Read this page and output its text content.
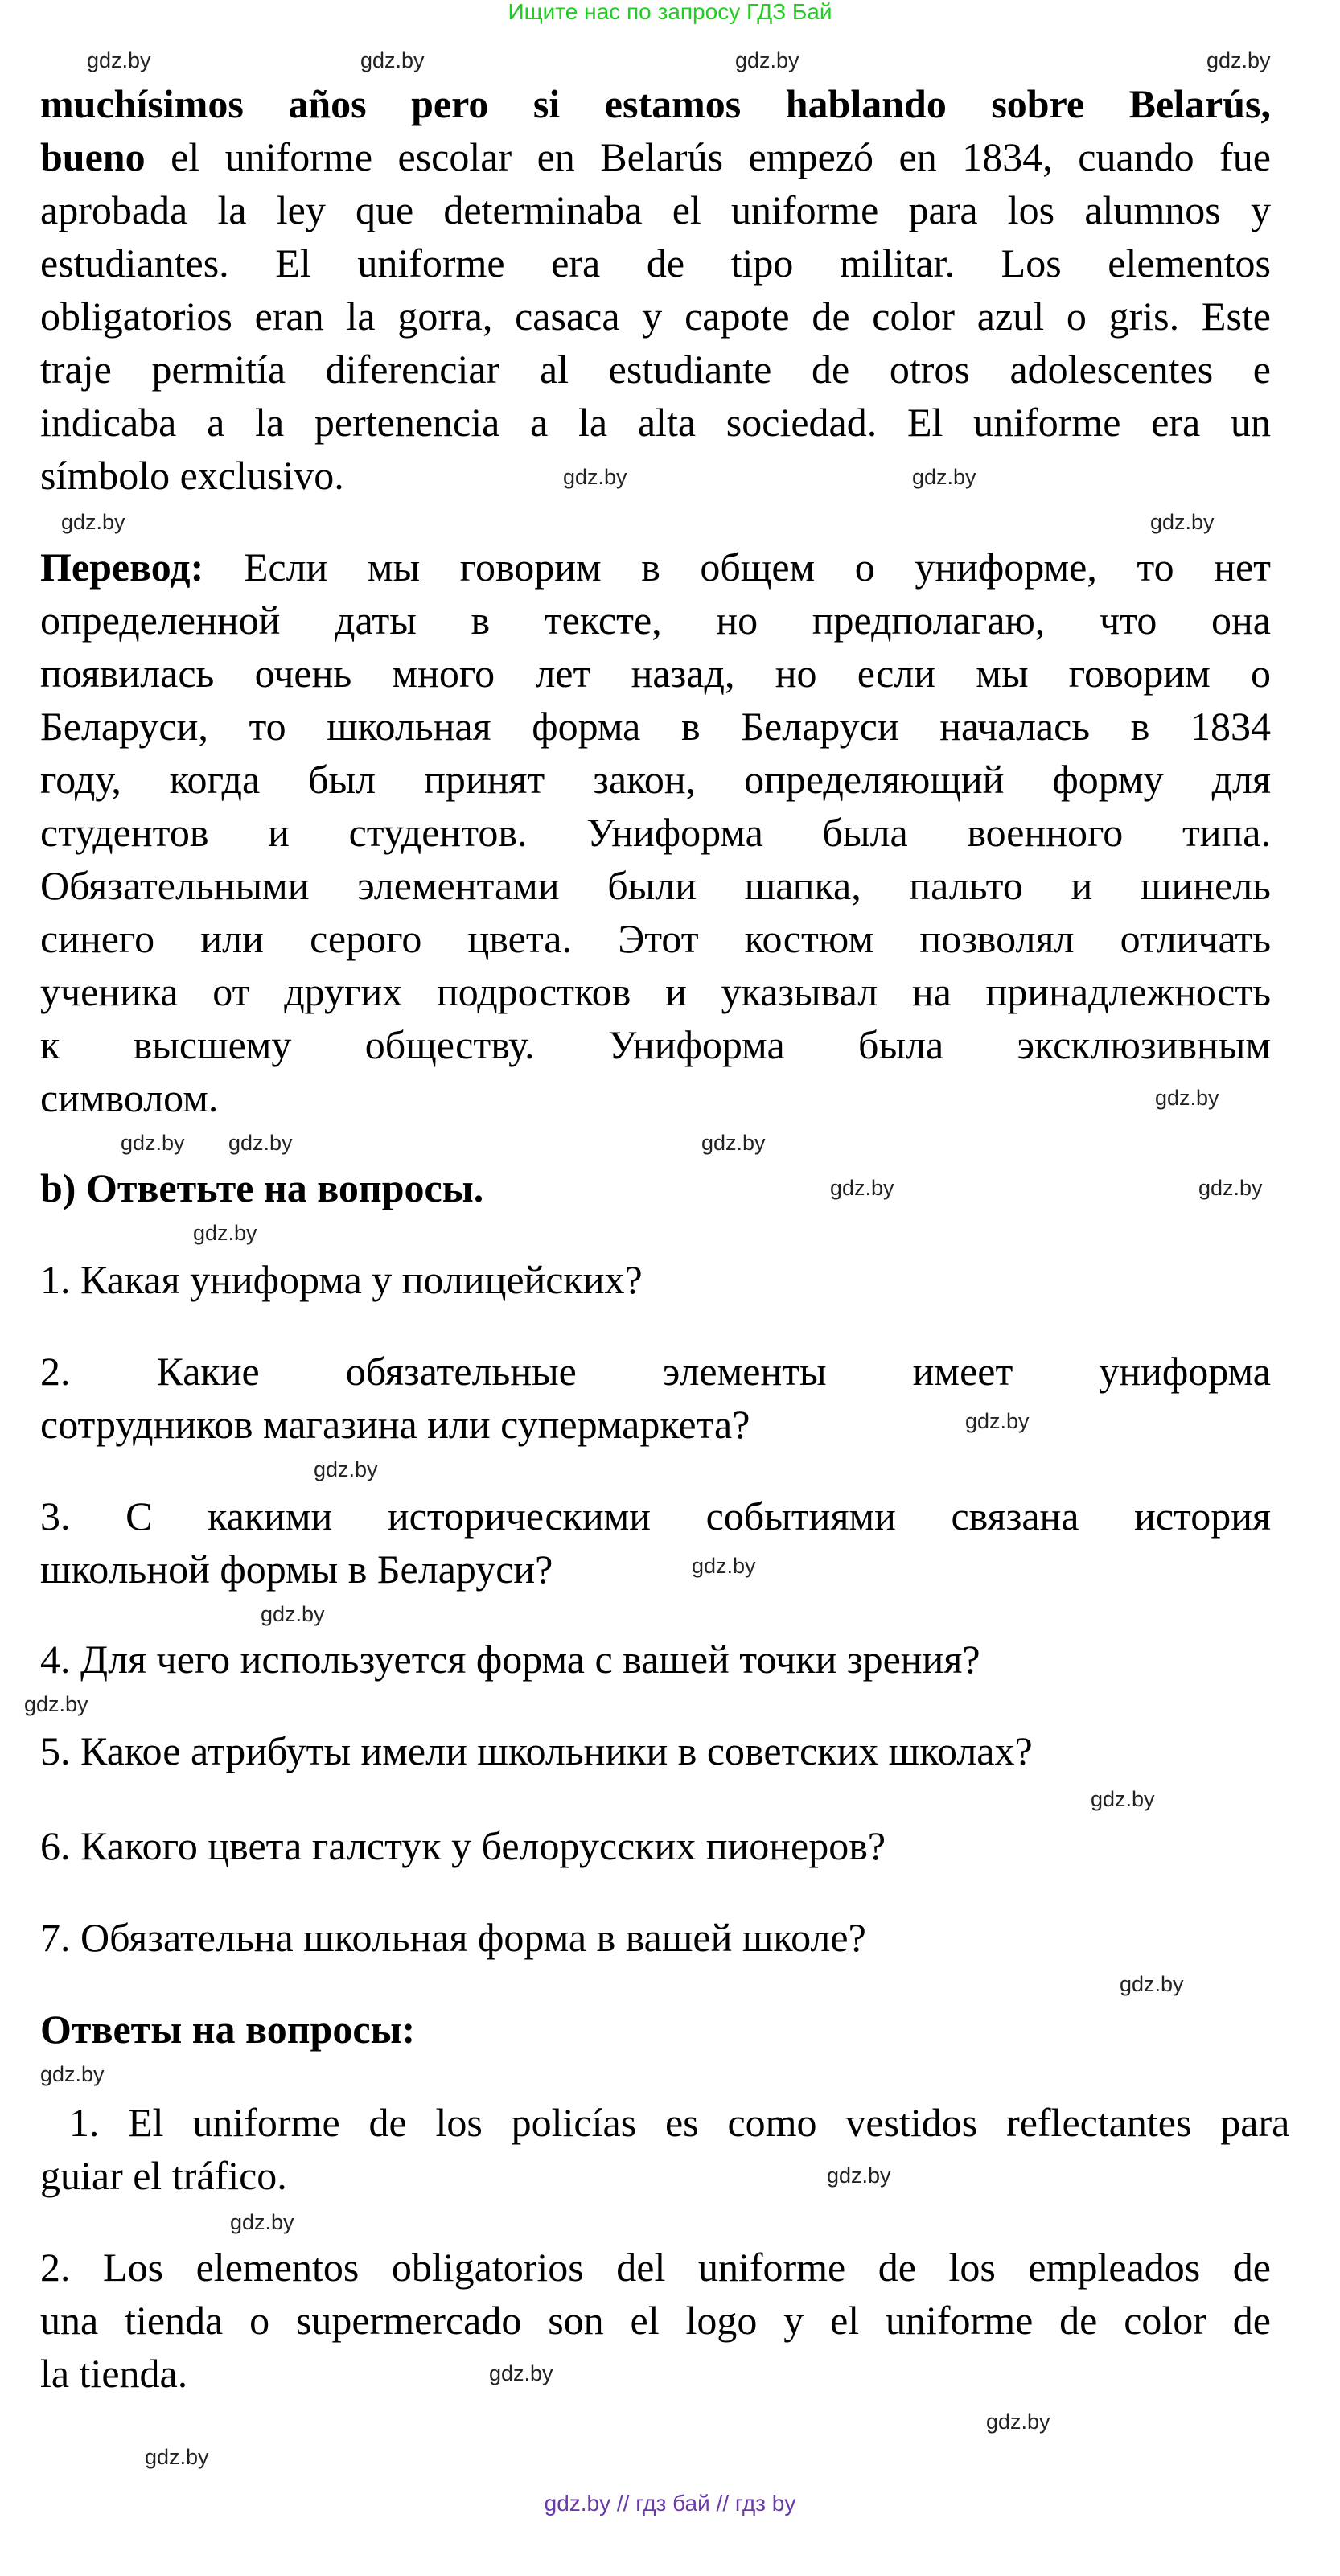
Ищите нас по запросу ГДЗ Бай
muchísimos años pero si estamos hablando sobre Belarús,
bueno el uniforme escolar en Belarús empezó en 1834, cuando fue
aprobada la ley que determinaba el uniforme para los alumnos y
estudiantes. El uniforme era de tipo militar. Los elementos
obligatorios eran la gorra, casaca y capote de color azul o gris. Este
traje permitía diferenciar al estudiante de otros adolescentes e
indicaba a la pertenencia a la alta sociedad. El uniforme era un
símbolo exclusivo.
Перевод: Если мы говорим в общем о униформе, то нет
определенной даты в тексте, но предполагаю, что она
появилась очень много лет назад, но если мы говорим о
Беларуси, то школьная форма в Беларуси началась в 1834
году, когда был принят закон, определяющий форму для
студентов и студентов. Униформа была военного типа.
Обязательными элементами были шапка, пальто и шинель
синего или серого цвета. Этот костюм позволял отличать
ученика от других подростков и указывал на принадлежность
к высшему обществу. Униформа была эксклюзивным
символом.
b) Ответьте на вопросы.
1. Какая униформа у полицейских?
2. Какие обязательные элементы имеет униформа
сотрудников магазина или супермаркета?
3. С какими историческими событиями связана история
школьной формы в Беларуси?
4. Для чего используется форма с вашей точки зрения?
5. Какое атрибуты имели школьники в советских школах?
6. Какого цвета галстук у белорусских пионеров?
7. Обязательна школьная форма в вашей школе?
Ответы на вопросы:
1. El uniforme de los policías es como vestidos reflectantes para
guiar el tráfico.
2. Los elementos obligatorios del uniforme de los empleados de
una tienda o supermercado son el logo y el uniforme de color de
la tienda.
gdz.by	gdz.by
gdz.by	gdz.by
gdz.by
gdz.by
gdz.by	gdz.by
gdz.by
gdz.by	gdz.by
gdz.by
gdz.by
gdz.by
gdz.by
gdz.by
gdz.by
gdz.by
gdz.by
gdz.by
gdz.by
gdz.by
gdz.by
gdz.by
gdz.by
gdz.by
gdz.by
gdz.by
gdz.by // гдз бай // гдз by
